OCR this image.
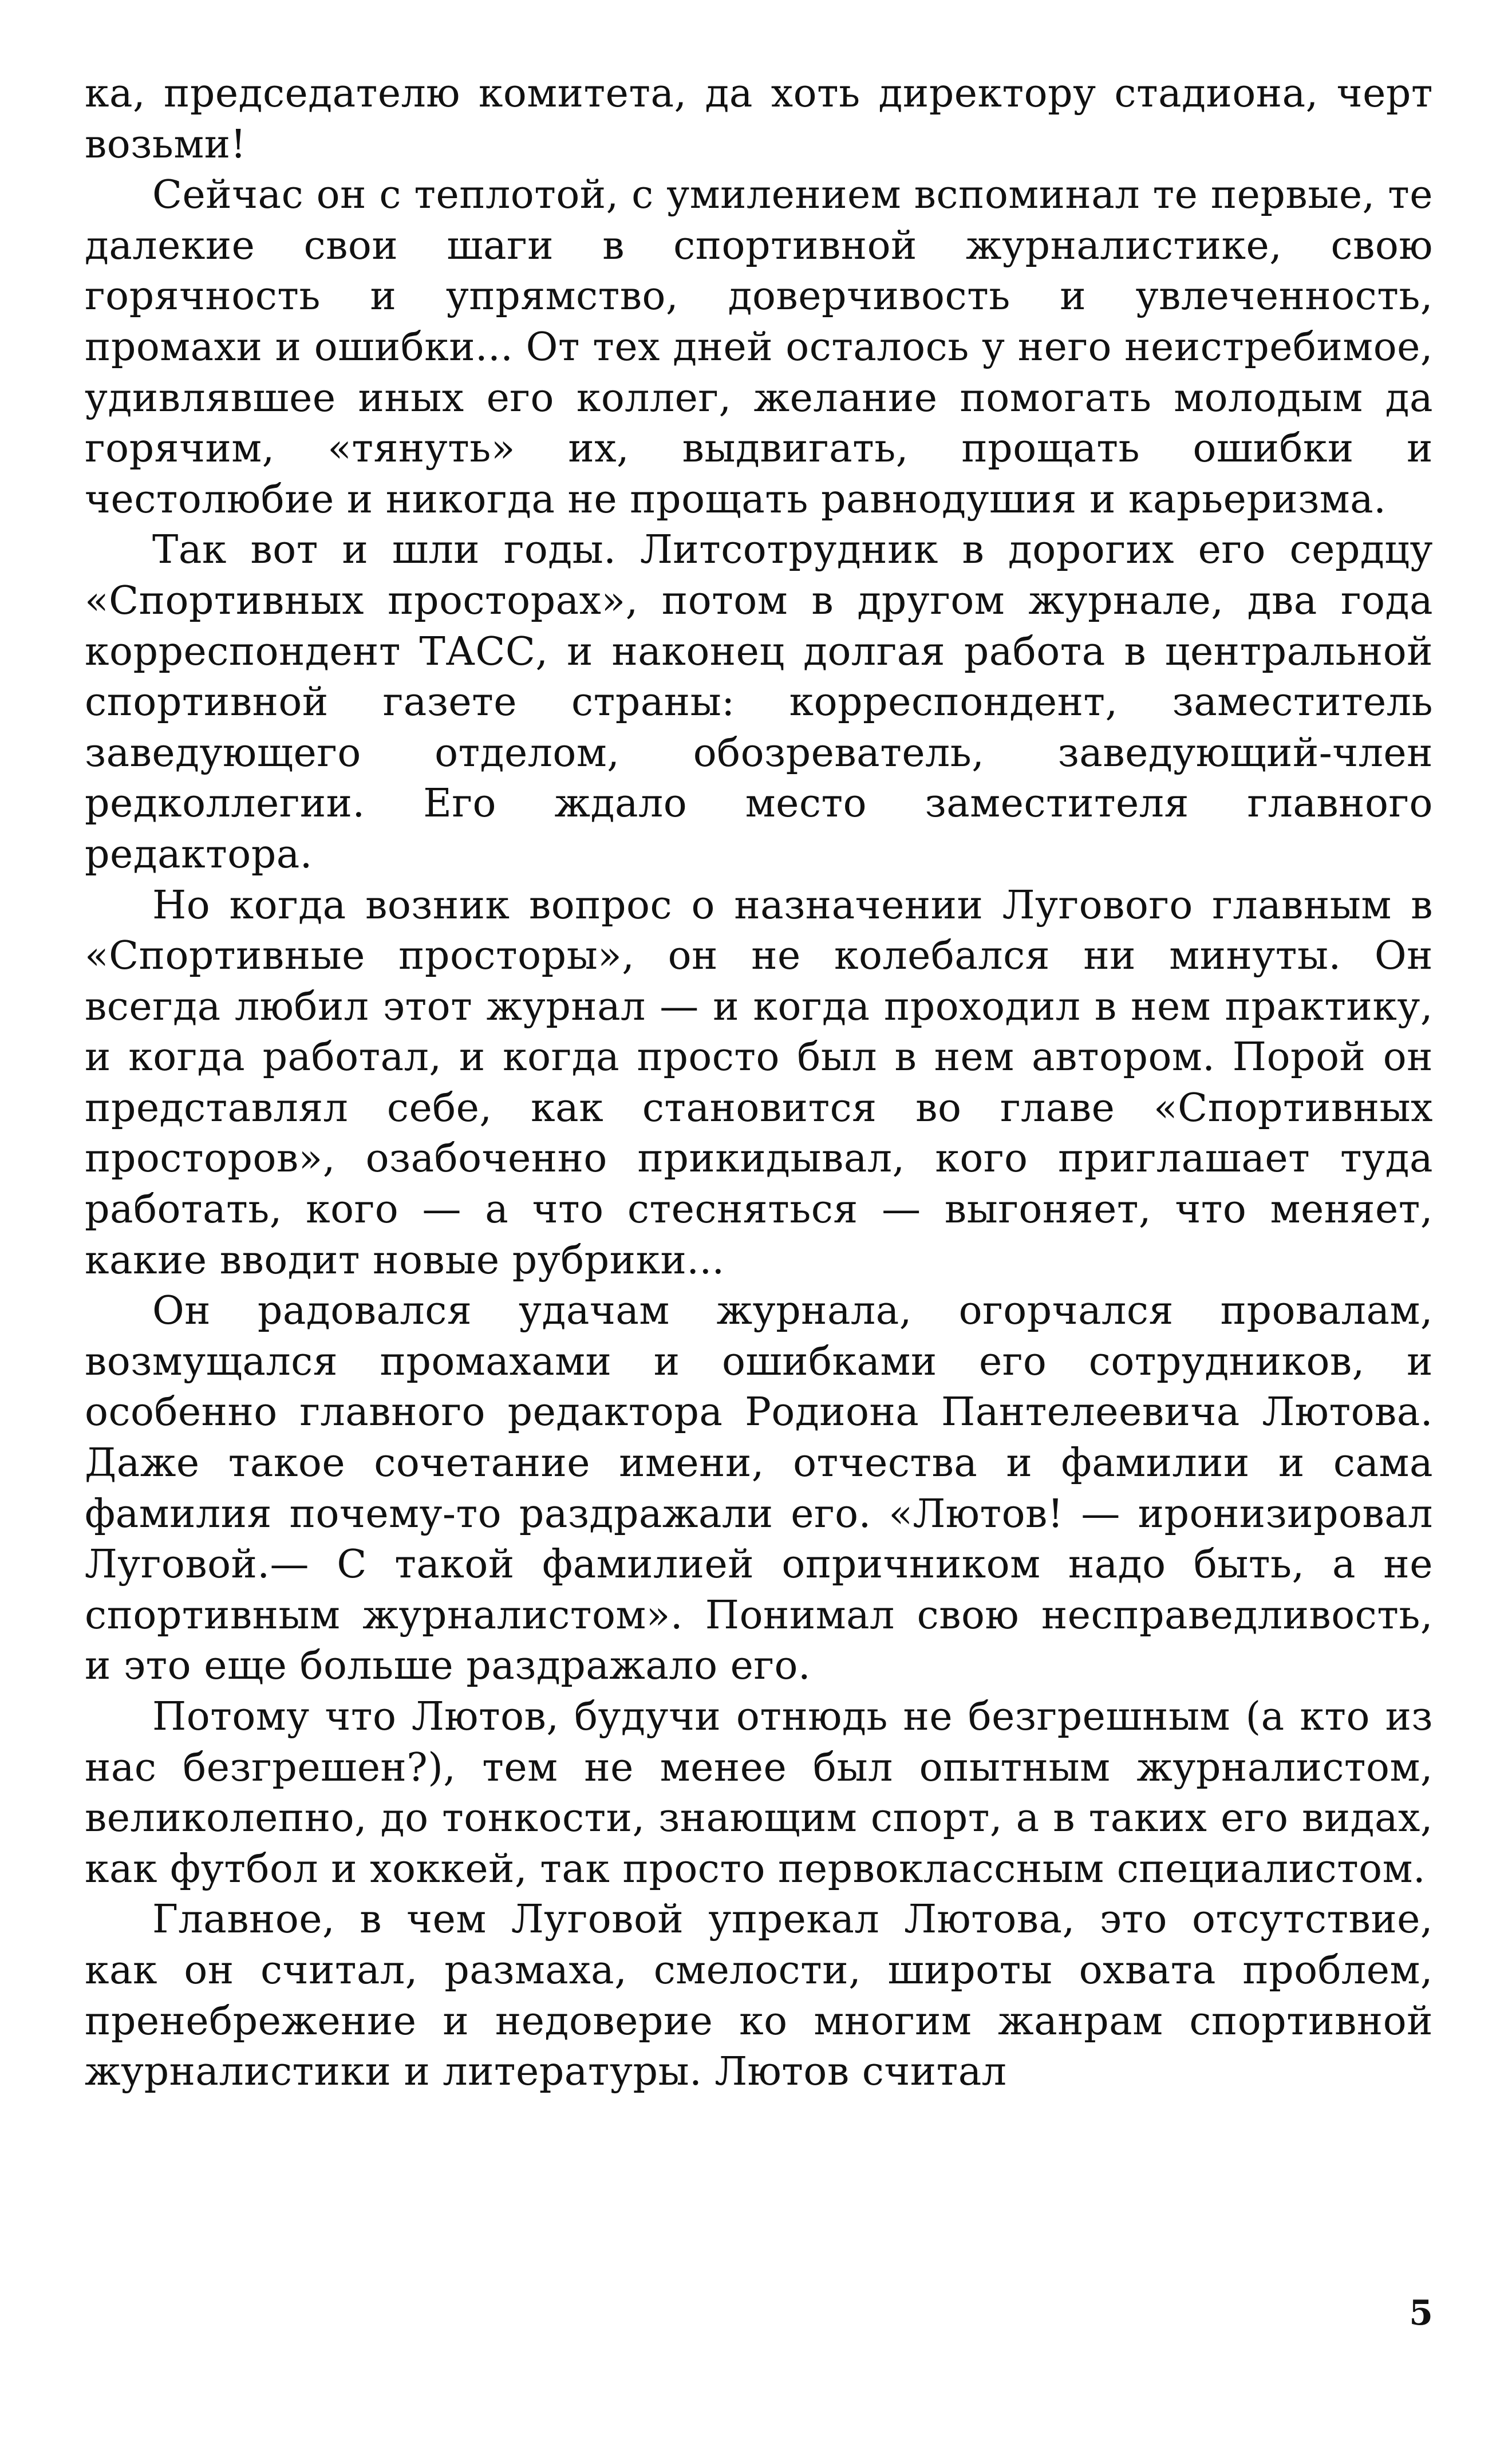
ка, председателю комитета, да хоть директору стадиона, черт возьми!

Сейчас он с теплотой, с умилением вспоминал те первые, те далекие свои шаги в спортивной журналистике, свою горячность и упрямство, доверчивость и увлеченность, промахи и ошибки... От тех дней осталось у него неистребимое, удивлявшее иных его коллег, желание помогать молодым да горячим, «тянуть» их, выдвигать, прощать ошибки и честолюбие и никогда не прощать равнодушия и карьеризма.

Так вот и шли годы. Литсотрудник в дорогих его сердцу «Спортивных просторах», потом в другом журнале, два года корреспондент ТАСС, и наконец долгая работа в центральной спортивной газете страны: корреспондент, заместитель заведующего отделом, обозреватель, заведующий-член редколлегии. Его ждало место заместителя главного редактора.

Но когда возник вопрос о назначении Лугового главным в «Спортивные просторы», он не колебался ни минуты. Он всегда любил этот журнал — и когда проходил в нем практику, и когда работал, и когда просто был в нем автором. Порой он представлял себе, как становится во главе «Спортивных просторов», озабоченно прикидывал, кого приглашает туда работать, кого — а что стесняться — выгоняет, что меняет, какие вводит новые рубрики...

Он радовался удачам журнала, огорчался провалам, возмущался промахами и ошибками его сотрудников, и особенно главного редактора Родиона Пантелеевича Лютова. Даже такое сочетание имени, отчества и фамилии и сама фамилия почему-то раздражали его. «Лютов! — иронизировал Луговой.— С такой фамилией опричником надо быть, а не спортивным журналистом». Понимал свою несправедливость, и это еще больше раздражало его.

Потому что Лютов, будучи отнюдь не безгрешным (а кто из нас безгрешен?), тем не менее был опытным журналистом, великолепно, до тонкости, знающим спорт, а в таких его видах, как футбол и хоккей, так просто первоклассным специалистом.

Главное, в чем Луговой упрекал Лютова, это отсутствие, как он считал, размаха, смелости, широты охвата проблем, пренебрежение и недоверие ко многим жанрам спортивной журналистики и литературы. Лютов считал

5
